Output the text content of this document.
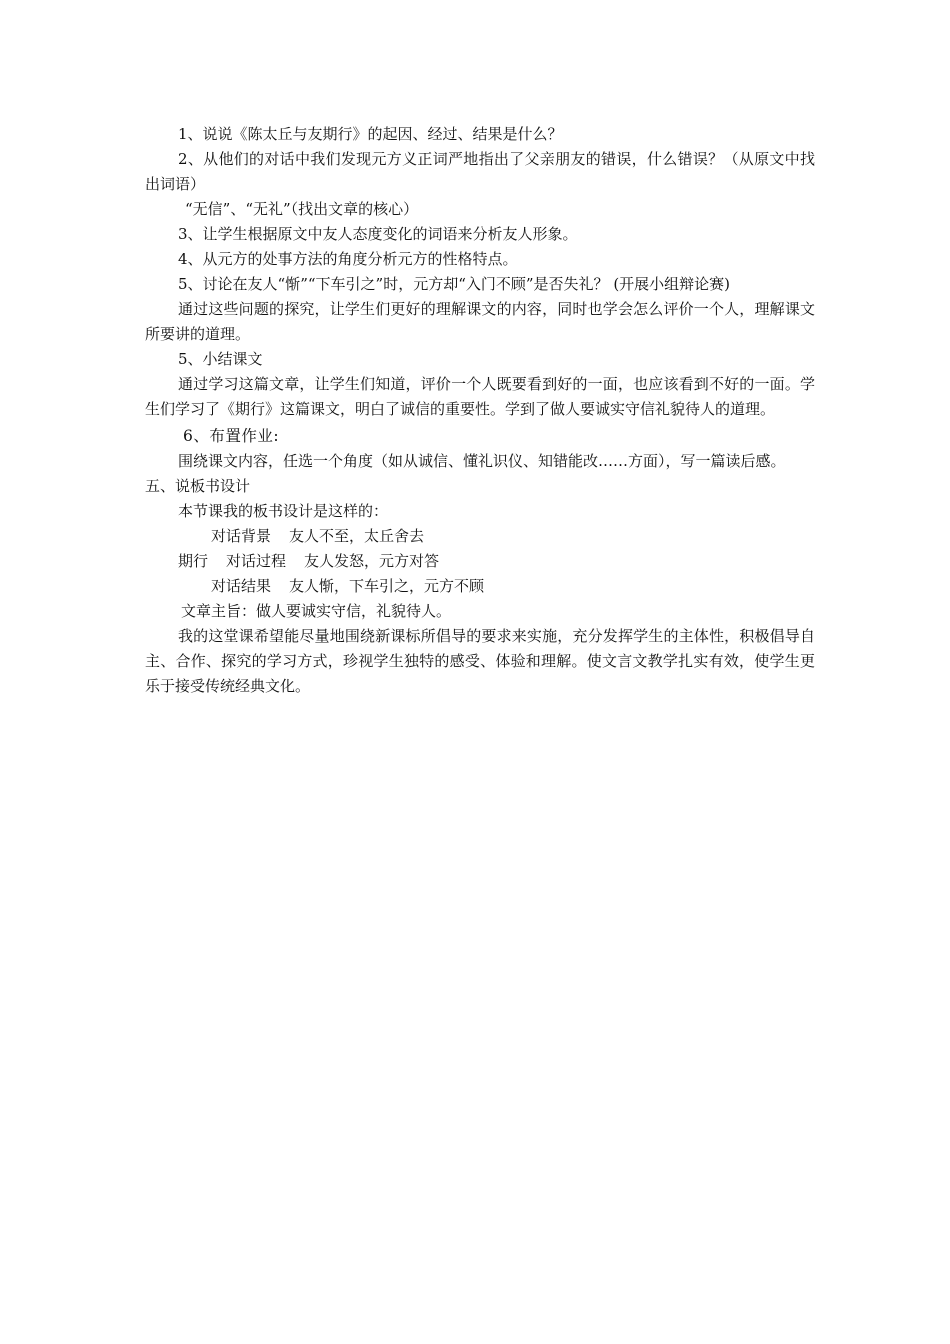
1、说说《陈太丘与友期行》的起因、经过、结果是什么？
2、从他们的对话中我们发现元方义正词严地指出了父亲朋友的错误，什么错误？（从原文中找出词语）
“无信”、“无礼”（找出文章的核心）
3、让学生根据原文中友人态度变化的词语来分析友人形象。
4、从元方的处事方法的角度分析元方的性格特点。
5、讨论在友人“惭”“下车引之”时，元方却“入门不顾”是否失礼？ (开展小组辩论赛)
通过这些问题的探究，让学生们更好的理解课文的内容，同时也学会怎么评价一个人，理解课文所要讲的道理。
5、小结课文
通过学习这篇文章，让学生们知道，评价一个人既要看到好的一面，也应该看到不好的一面。学生们学习了《期行》这篇课文，明白了诚信的重要性。学到了做人要诚实守信礼貌待人的道理。
6、布置作业:
围绕课文内容，任选一个角度（如从诚信、懂礼识仪、知错能改……方面），写一篇读后感。
五、说板书设计
本节课我的板书设计是这样的：
对话背景 友人不至，太丘舍去
期行 对话过程 友人发怒，元方对答
对话结果 友人惭，下车引之，元方不顾
文章主旨：做人要诚实守信，礼貌待人。
我的这堂课希望能尽量地围绕新课标所倡导的要求来实施，充分发挥学生的主体性，积极倡导自主、合作、探究的学习方式，珍视学生独特的感受、体验和理解。使文言文教学扎实有效，使学生更乐于接受传统经典文化。
